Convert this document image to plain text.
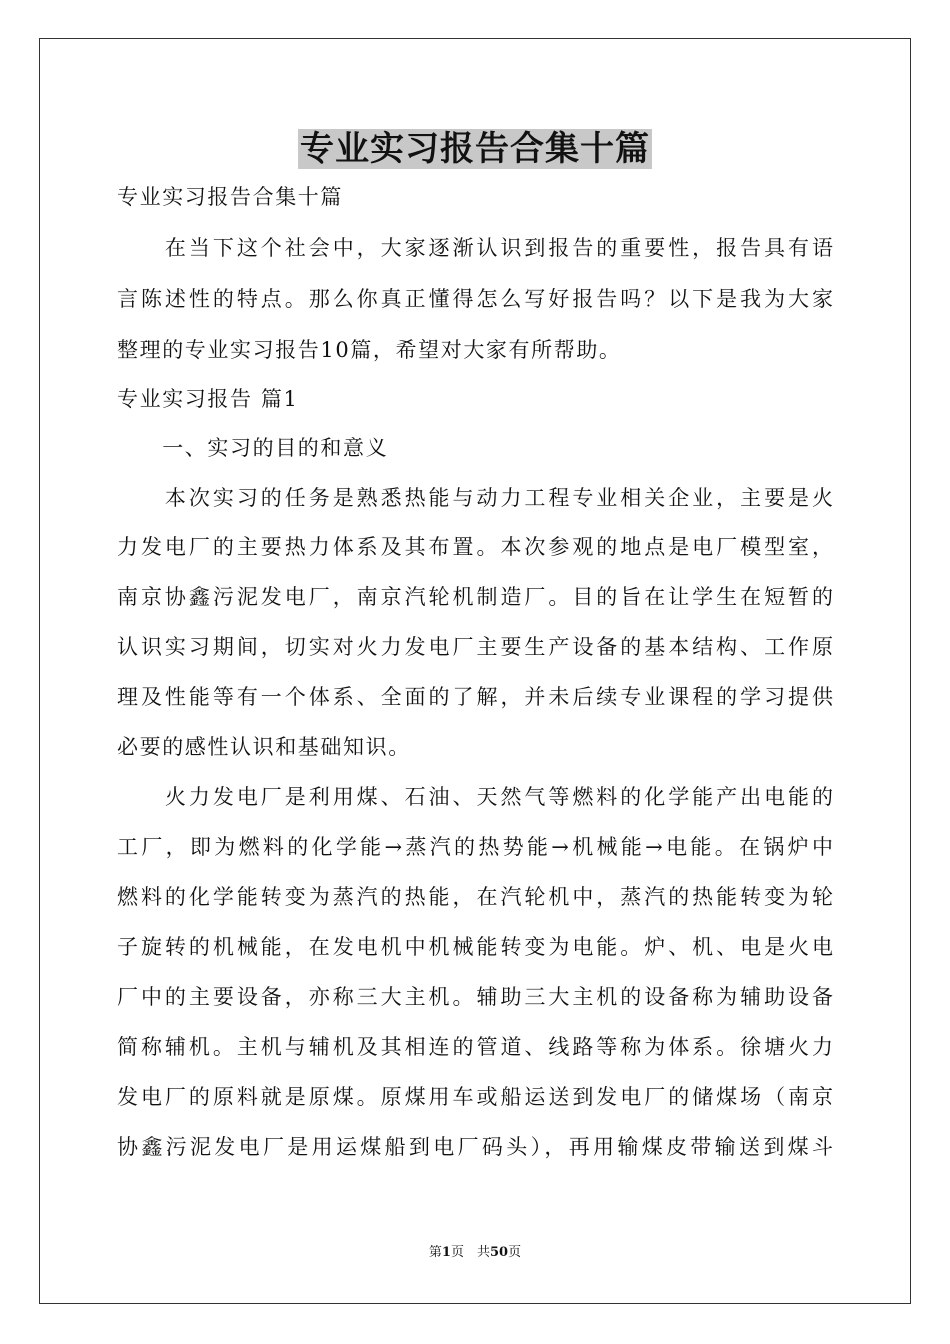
专业实习报告合集十篇
专业实习报告合集十篇
　　在当下这个社会中，大家逐渐认识到报告的重要性，报告具有语
言陈述性的特点。那么你真正懂得怎么写好报告吗？以下是我为大家
整理的专业实习报告10篇，希望对大家有所帮助。
专业实习报告 篇1
　　一、实习的目的和意义
　　本次实习的任务是熟悉热能与动力工程专业相关企业，主要是火
力发电厂的主要热力体系及其布置。本次参观的地点是电厂模型室，
南京协鑫污泥发电厂，南京汽轮机制造厂。目的旨在让学生在短暂的
认识实习期间，切实对火力发电厂主要生产设备的基本结构、工作原
理及性能等有一个体系、全面的了解，并未后续专业课程的学习提供
必要的感性认识和基础知识。
　　火力发电厂是利用煤、石油、天然气等燃料的化学能产出电能的
工厂，即为燃料的化学能→蒸汽的热势能→机械能→电能。在锅炉中
燃料的化学能转变为蒸汽的热能，在汽轮机中，蒸汽的热能转变为轮
子旋转的机械能，在发电机中机械能转变为电能。炉、机、电是火电
厂中的主要设备，亦称三大主机。辅助三大主机的设备称为辅助设备
简称辅机。主机与辅机及其相连的管道、线路等称为体系。徐塘火力
发电厂的原料就是原煤。原煤用车或船运送到发电厂的储煤场（南京
协鑫污泥发电厂是用运煤船到电厂码头），再用输煤皮带输送到煤斗
第1页　共50页
